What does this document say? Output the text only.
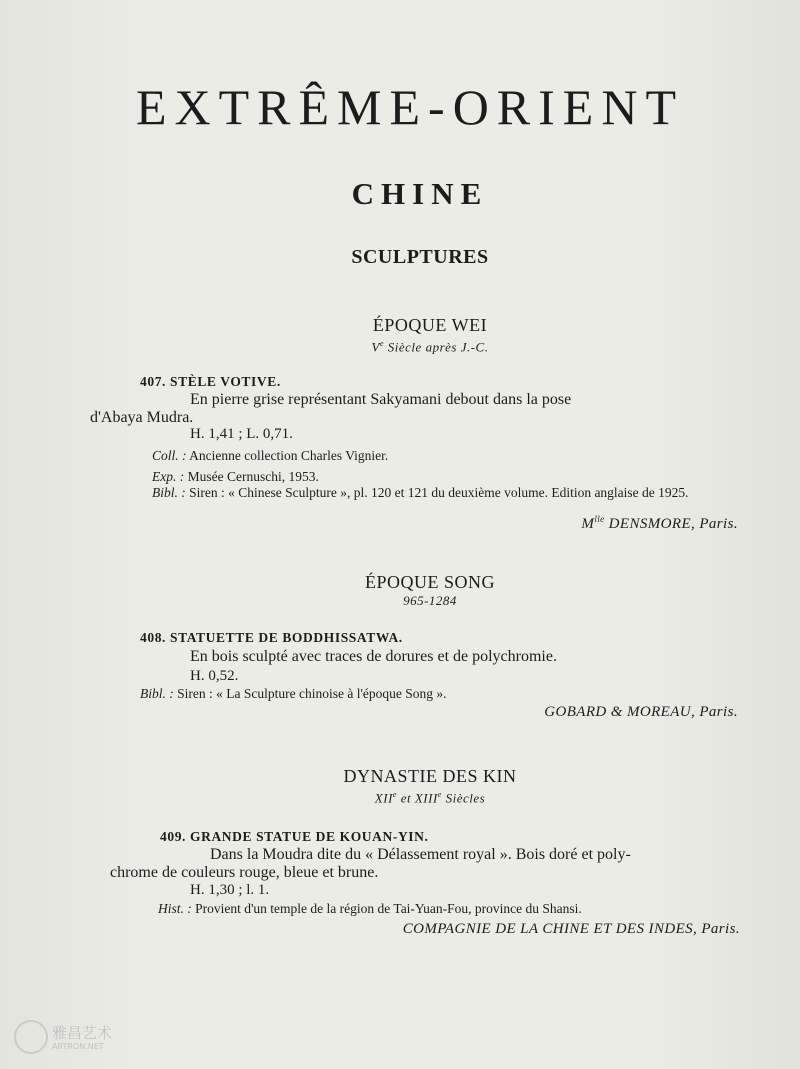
EXTRÊME-ORIENT
CHINE
SCULPTURES
ÉPOQUE WEI
Ve Siècle après J.-C.
407. STÈLE VOTIVE.
En pierre grise représentant Sakyamani debout dans la pose
d'Abaya Mudra.
H. 1,41 ; L. 0,71.
Coll. : Ancienne collection Charles Vignier.
Exp. : Musée Cernuschi, 1953.
Bibl. : Siren : « Chinese Sculpture », pl. 120 et 121 du deuxième volume. Edition anglaise de 1925.
$M^{lle}$ DENSMORE, Paris.
ÉPOQUE SONG
965-1284
408. STATUETTE DE BODDHISSATWA.
En bois sculpté avec traces de dorures et de polychromie.
H. 0,52.
Bibl. : Siren : « La Sculpture chinoise à l'époque Song ».
GOBARD & MOREAU, Paris.
DYNASTIE DES KIN
XIIe et XIIIe Siècles
409. GRANDE STATUE DE KOUAN-YIN.
Dans la Moudra dite du « Délassement royal ». Bois doré et poly-
chrome de couleurs rouge, bleue et brune.
H. 1,30 ; l. 1.
Hist. : Provient d'un temple de la région de Tai-Yuan-Fou, province du Shansi.
COMPAGNIE DE LA CHINE ET DES INDES, Paris.
雅昌艺术
ARTRON.NET
